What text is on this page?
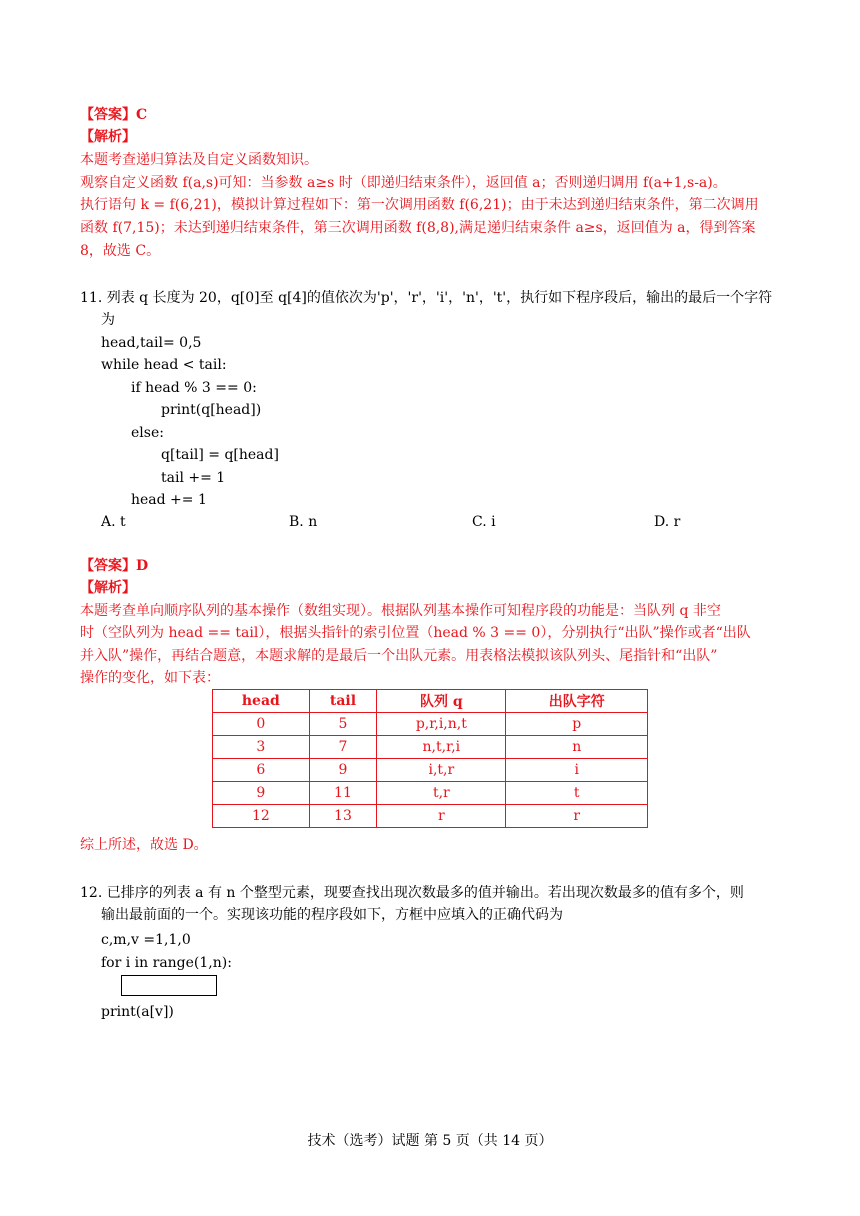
【答案】C
【解析】
本题考查递归算法及自定义函数知识。
观察自定义函数 f(a,s)可知：当参数 a≥s 时（即递归结束条件），返回值 a；否则递归调用 f(a+1,s-a)。
执行语句 k = f(6,21)，模拟计算过程如下：第一次调用函数 f(6,21)；由于未达到递归结束条件，第二次调用
函数 f(7,15)；未达到递归结束条件，第三次调用函数 f(8,8),满足递归结束条件 a≥s，返回值为 a，得到答案
8，故选 C。
11. 列表 q 长度为 20，q[0]至 q[4]的值依次为'p'，'r'，'i'，'n'，'t'，执行如下程序段后，输出的最后一个字符
为
head,tail= 0,5
while head < tail:
if head % 3 == 0:
print(q[head])
else:
q[tail] = q[head]
tail += 1
head += 1
A. t	B. n	C. i	D. r
【答案】D
【解析】
本题考查单向顺序队列的基本操作（数组实现）。根据队列基本操作可知程序段的功能是：当队列 q 非空
时（空队列为 head == tail），根据头指针的索引位置（head % 3 == 0），分别执行“出队”操作或者“出队
并入队”操作，再结合题意，本题求解的是最后一个出队元素。用表格法模拟该队列头、尾指针和“出队”
操作的变化，如下表：
head	tail	队列 q	出队字符
0	5	p,r,i,n,t	p
3	7	n,t,r,i	n
6	9	i,t,r	i
9	11	t,r	t
12	13	r	r
综上所述，故选 D。
12. 已排序的列表 a 有 n 个整型元素，现要查找出现次数最多的值并输出。若出现次数最多的值有多个，则
输出最前面的一个。实现该功能的程序段如下，方框中应填入的正确代码为
c,m,v =1,1,0
for i in range(1,n):
print(a[v])
技术（选考）试题 第 5 页（共 14 页）
